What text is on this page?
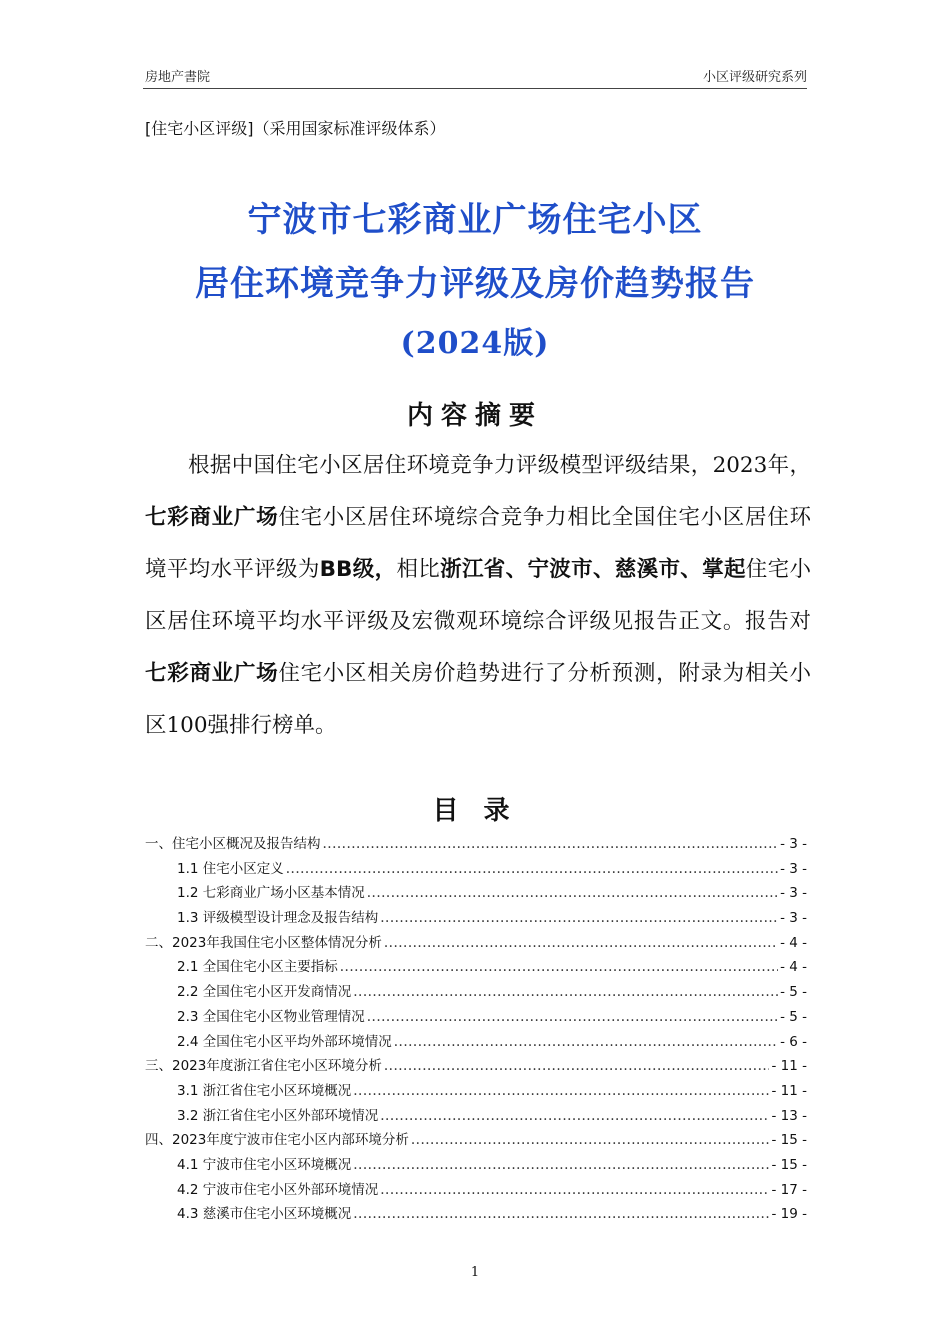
房地产書院	小区评级研究系列
[住宅小区评级]（采用国家标准评级体系）
宁波市七彩商业广场住宅小区
居住环境竞争力评级及房价趋势报告
(2024版)
内容摘要
根据中国住宅小区居住环境竞争力评级模型评级结果，2023年，七彩商业广场住宅小区居住环境综合竞争力相比全国住宅小区居住环境平均水平评级为BB级，相比浙江省、宁波市、慈溪市、掌起住宅小区居住环境平均水平评级及宏微观环境综合评级见报告正文。报告对七彩商业广场住宅小区相关房价趋势进行了分析预测，附录为相关小区100强排行榜单。
目 录
一、住宅小区概况及报告结构 .....	- 3 -
1.1 住宅小区定义 .....	- 3 -
1.2 七彩商业广场小区基本情况 .....	- 3 -
1.3 评级模型设计理念及报告结构 .....	- 3 -
二、2023年我国住宅小区整体情况分析 .....	- 4 -
2.1 全国住宅小区主要指标 .....	- 4 -
2.2 全国住宅小区开发商情况 .....	- 5 -
2.3 全国住宅小区物业管理情况 .....	- 5 -
2.4 全国住宅小区平均外部环境情况 .....	- 6 -
三、2023年度浙江省住宅小区环境分析 .....	- 11 -
3.1 浙江省住宅小区环境概况 .....	- 11 -
3.2 浙江省住宅小区外部环境情况 .....	- 13 -
四、2023年度宁波市住宅小区内部环境分析 .....	- 15 -
4.1 宁波市住宅小区环境概况 .....	- 15 -
4.2 宁波市住宅小区外部环境情况 .....	- 17 -
4.3 慈溪市住宅小区环境概况 .....	- 19 -
1
